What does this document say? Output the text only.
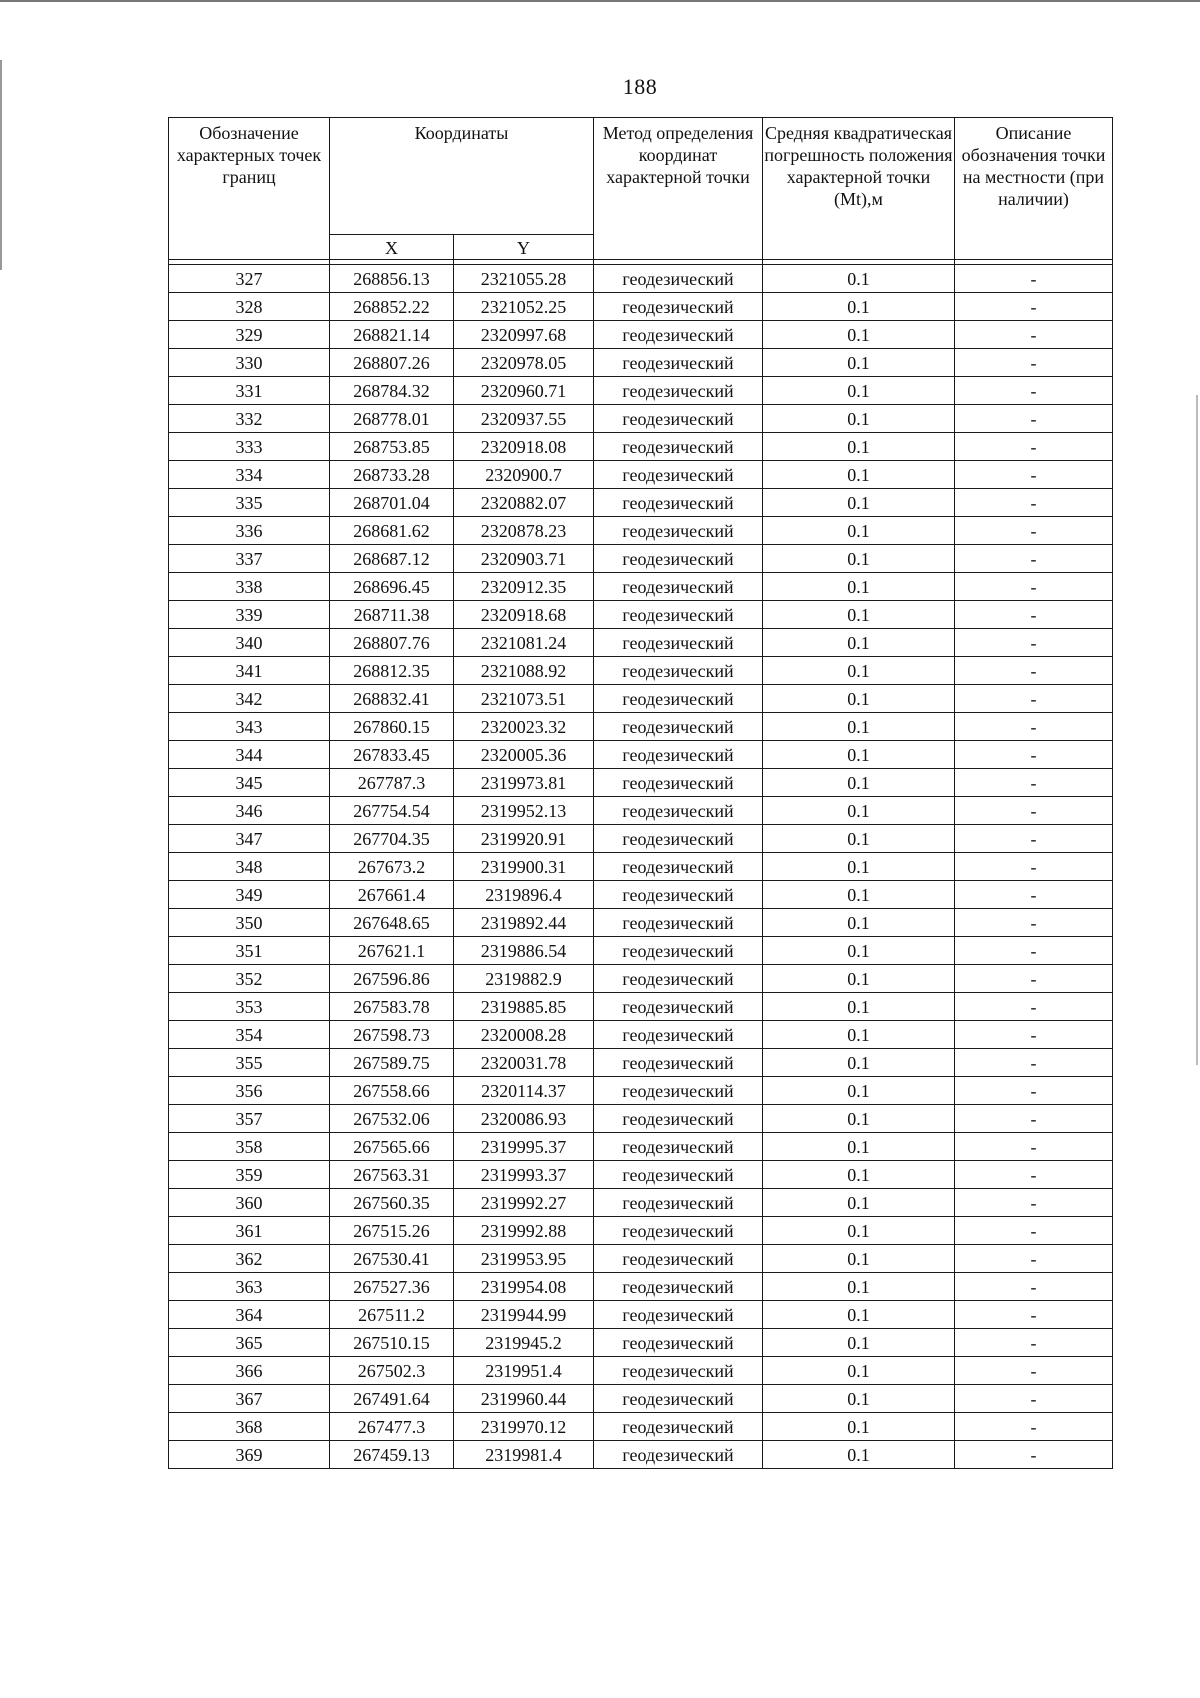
188
Обозначение характерных точек границ	Координаты		Метод определения координат характерной точки	Средняя квадратическая погрешность положения характерной точки (Mt),м	Описание обозначения точки на местности (при наличии)
	X	Y			

327	268856.13	2321055.28	геодезический	0.1	-
328	268852.22	2321052.25	геодезический	0.1	-
329	268821.14	2320997.68	геодезический	0.1	-
330	268807.26	2320978.05	геодезический	0.1	-
331	268784.32	2320960.71	геодезический	0.1	-
332	268778.01	2320937.55	геодезический	0.1	-
333	268753.85	2320918.08	геодезический	0.1	-
334	268733.28	2320900.7	геодезический	0.1	-
335	268701.04	2320882.07	геодезический	0.1	-
336	268681.62	2320878.23	геодезический	0.1	-
337	268687.12	2320903.71	геодезический	0.1	-
338	268696.45	2320912.35	геодезический	0.1	-
339	268711.38	2320918.68	геодезический	0.1	-
340	268807.76	2321081.24	геодезический	0.1	-
341	268812.35	2321088.92	геодезический	0.1	-
342	268832.41	2321073.51	геодезический	0.1	-
343	267860.15	2320023.32	геодезический	0.1	-
344	267833.45	2320005.36	геодезический	0.1	-
345	267787.3	2319973.81	геодезический	0.1	-
346	267754.54	2319952.13	геодезический	0.1	-
347	267704.35	2319920.91	геодезический	0.1	-
348	267673.2	2319900.31	геодезический	0.1	-
349	267661.4	2319896.4	геодезический	0.1	-
350	267648.65	2319892.44	геодезический	0.1	-
351	267621.1	2319886.54	геодезический	0.1	-
352	267596.86	2319882.9	геодезический	0.1	-
353	267583.78	2319885.85	геодезический	0.1	-
354	267598.73	2320008.28	геодезический	0.1	-
355	267589.75	2320031.78	геодезический	0.1	-
356	267558.66	2320114.37	геодезический	0.1	-
357	267532.06	2320086.93	геодезический	0.1	-
358	267565.66	2319995.37	геодезический	0.1	-
359	267563.31	2319993.37	геодезический	0.1	-
360	267560.35	2319992.27	геодезический	0.1	-
361	267515.26	2319992.88	геодезический	0.1	-
362	267530.41	2319953.95	геодезический	0.1	-
363	267527.36	2319954.08	геодезический	0.1	-
364	267511.2	2319944.99	геодезический	0.1	-
365	267510.15	2319945.2	геодезический	0.1	-
366	267502.3	2319951.4	геодезический	0.1	-
367	267491.64	2319960.44	геодезический	0.1	-
368	267477.3	2319970.12	геодезический	0.1	-
369	267459.13	2319981.4	геодезический	0.1	-
